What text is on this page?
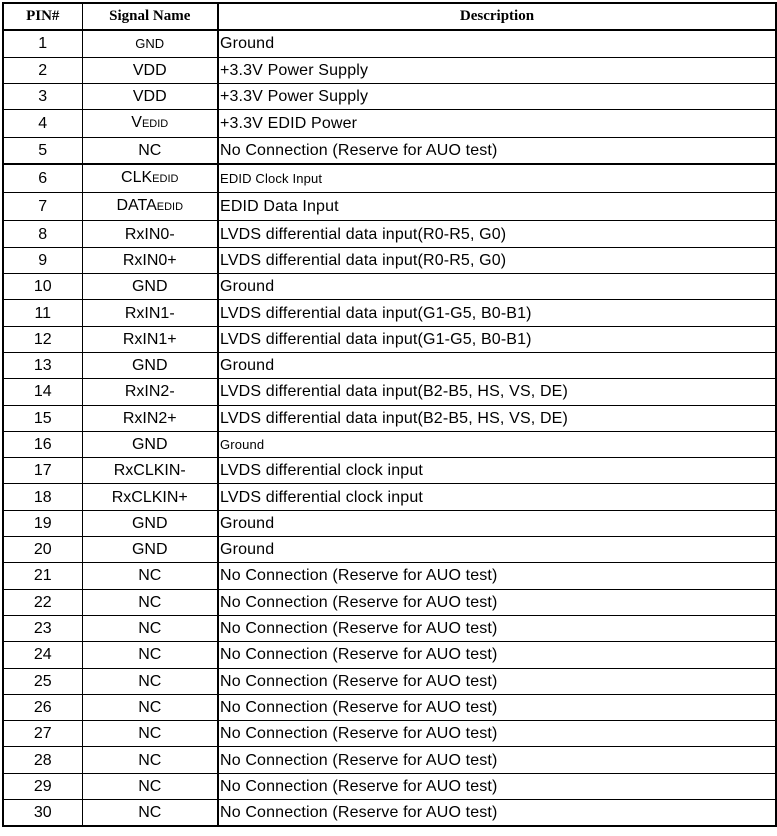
PIN#	Signal Name	Description
1	GND	Ground
2	VDD	+3.3V Power Supply
3	VDD	+3.3V Power Supply
4	VEDID	+3.3V EDID Power
5	NC	No Connection (Reserve for AUO test)
6	CLKEDID	EDID Clock Input
7	DATAEDID	EDID Data Input
8	RxIN0-	LVDS differential data input(R0-R5, G0)
9	RxIN0+	LVDS differential data input(R0-R5, G0)
10	GND	Ground
11	RxIN1-	LVDS differential data input(G1-G5, B0-B1)
12	RxIN1+	LVDS differential data input(G1-G5, B0-B1)
13	GND	Ground
14	RxIN2-	LVDS differential data input(B2-B5, HS, VS, DE)
15	RxIN2+	LVDS differential data input(B2-B5, HS, VS, DE)
16	GND	Ground
17	RxCLKIN-	LVDS differential clock input
18	RxCLKIN+	LVDS differential clock input
19	GND	Ground
20	GND	Ground
21	NC	No Connection (Reserve for AUO test)
22	NC	No Connection (Reserve for AUO test)
23	NC	No Connection (Reserve for AUO test)
24	NC	No Connection (Reserve for AUO test)
25	NC	No Connection (Reserve for AUO test)
26	NC	No Connection (Reserve for AUO test)
27	NC	No Connection (Reserve for AUO test)
28	NC	No Connection (Reserve for AUO test)
29	NC	No Connection (Reserve for AUO test)
30	NC	No Connection (Reserve for AUO test)
